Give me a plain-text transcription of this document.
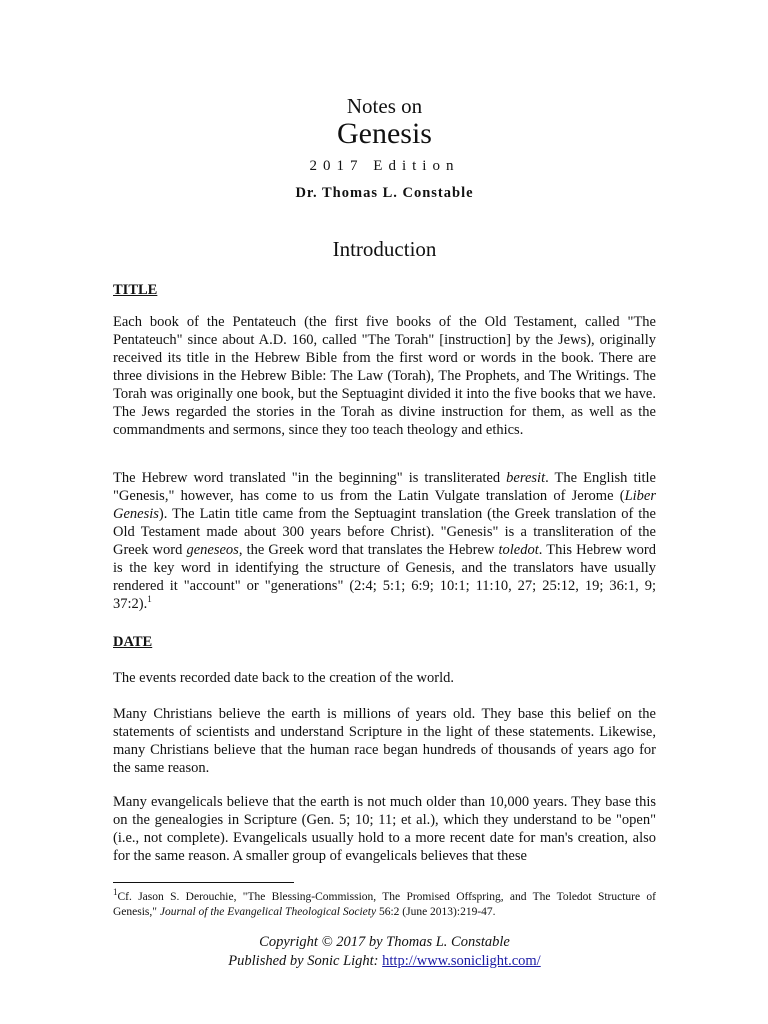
Notes on
Genesis
2017 Edition
Dr. Thomas L. Constable
Introduction
TITLE
Each book of the Pentateuch (the first five books of the Old Testament, called "The Pentateuch" since about A.D. 160, called "The Torah" [instruction] by the Jews), originally received its title in the Hebrew Bible from the first word or words in the book. There are three divisions in the Hebrew Bible: The Law (Torah), The Prophets, and The Writings. The Torah was originally one book, but the Septuagint divided it into the five books that we have. The Jews regarded the stories in the Torah as divine instruction for them, as well as the commandments and sermons, since they too teach theology and ethics.
The Hebrew word translated "in the beginning" is transliterated beresit. The English title "Genesis," however, has come to us from the Latin Vulgate translation of Jerome (Liber Genesis). The Latin title came from the Septuagint translation (the Greek translation of the Old Testament made about 300 years before Christ). "Genesis" is a transliteration of the Greek word geneseos, the Greek word that translates the Hebrew toledot. This Hebrew word is the key word in identifying the structure of Genesis, and the translators have usually rendered it "account" or "generations" (2:4; 5:1; 6:9; 10:1; 11:10, 27; 25:12, 19; 36:1, 9; 37:2).$^1$
DATE
The events recorded date back to the creation of the world.
Many Christians believe the earth is millions of years old. They base this belief on the statements of scientists and understand Scripture in the light of these statements. Likewise, many Christians believe that the human race began hundreds of thousands of years ago for the same reason.
Many evangelicals believe that the earth is not much older than 10,000 years. They base this on the genealogies in Scripture (Gen. 5; 10; 11; et al.), which they understand to be "open" (i.e., not complete). Evangelicals usually hold to a more recent date for man's creation, also for the same reason. A smaller group of evangelicals believes that these
$^1$Cf. Jason S. Derouchie, "The Blessing-Commission, The Promised Offspring, and The Toledot Structure of Genesis," Journal of the Evangelical Theological Society 56:2 (June 2013):219-47.
Copyright © 2017 by Thomas L. Constable
Published by Sonic Light: http://www.soniclight.com/
